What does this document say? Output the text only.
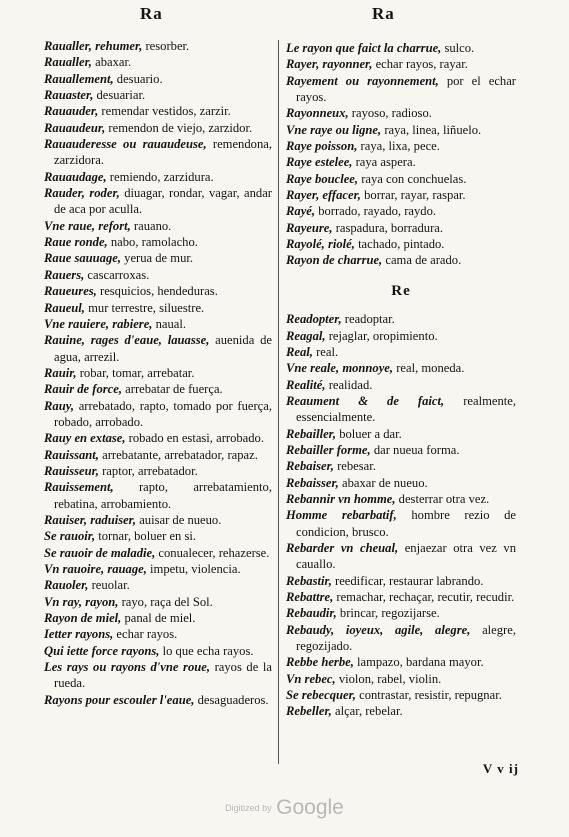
Ra	Ra

Rauallеr, rehumer, resorber.

Rauallеr, abaxar.

Rauallement, desuario.

Rauaster, desuariar.

Rauauder, remendar vestidos, zarzir.

Rauaudeur, remendon de viejo, zarzidor.

Rauauderesse ou rauaudeuse, remendona, zarzidora.

Rauaudage, remiendo, zarzidura.

Rauder, roder, diuagar, rondar, vagar, andar de aca por aculla.

Vne raue, refort, rauano.

Raue ronde, nabo, ramolacho.

Raue sauuage, yerua de mur.

Rauers, cascarroxas.

Raueures, resquicios, hendeduras.

Raueul, mur terrestre, siluestre.

Vne rauiere, rabiere, naual.

Rauine, rages d'eaue, lauasse, auenida de agua, arrezil.

Rauir, robar, tomar, arrebatar.

Rauir de force, arrebatar de fuerça.

Rauy, arrebatado, rapto, tomado por fuerça, robado, arrobado.

Rauy en extase, robado en estasi, arrobado.

Rauissant, arrebatante, arrebatador, rapaz.

Rauisseur, raptor, arrebatador.

Rauissement, rapto, arrebatamiento, rebatina, arrobamiento.

Rauiser, raduiser, auisar de nueuo.

Se rauoir, tornar, boluer en si.

Se rauoir de maladie, conualecer, rehazerse.

Vn rauoire, rauage, impetu, violencia.

Rauoler, reuolar.

Vn ray, rayon, rayo, raça del Sol.

Rayon de miel, panal de miel.

Ietter rayons, echar rayos.

Qui iette force rayons, lo que echa rayos.

Les rays ou rayons d'vne roue, rayos de la rueda.

Rayons pour escouler l'eaue, desaguaderos.

Le rayon que faict la charrue, sulco.

Rayer, rayonner, echar rayos, rayar.

Rayement ou rayonnement, por el echar rayos.

Rayonneux, rayoso, radioso.

Vne raye ou ligne, raya, linea, liñuelo.

Raye poisson, raya, lixa, pece.

Raye estelee, raya aspera.

Raye bouclee, raya con conchuelas.

Rayer, effacer, borrar, rayar, raspar.

Rayé, borrado, rayado, raydo.

Rayeure, raspadura, borradura.

Rayolé, riolé, tachado, pintado.

Rayon de charrue, cama de arado.

Re

Readopter, readoptar.

Reagal, rejaglar, oropimiento.

Real, real.

Vne reale, monnoye, real, moneda.

Realité, realidad.

Reaument & de faict, realmente, essencialmente.

Rebailler, boluer a dar.

Rebailler forme, dar nueua forma.

Rebaiser, rebesar.

Rebaisser, abaxar de nueuo.

Rebannir vn homme, desterrar otra vez.

Homme rebarbatif, hombre rezio de condicion, brusco.

Rebarder vn cheual, enjaezar otra vez vn cauallo.

Rebastir, reedificar, restaurar labrando.

Rebattre, remachar, rechaçar, recutir, recudir.

Rebaudir, brincar, regozijarse.

Rebaudy, ioyeux, agile, alegre, alegre, regozijado.

Rebbe herbe, lampazo, bardana mayor.

Vn rebec, violon, rabel, violin.

Se rebecquer, contrastar, resistir, repugnar.

Rebeller, alçar, rebelar.

V v ij
Digitized by Google
